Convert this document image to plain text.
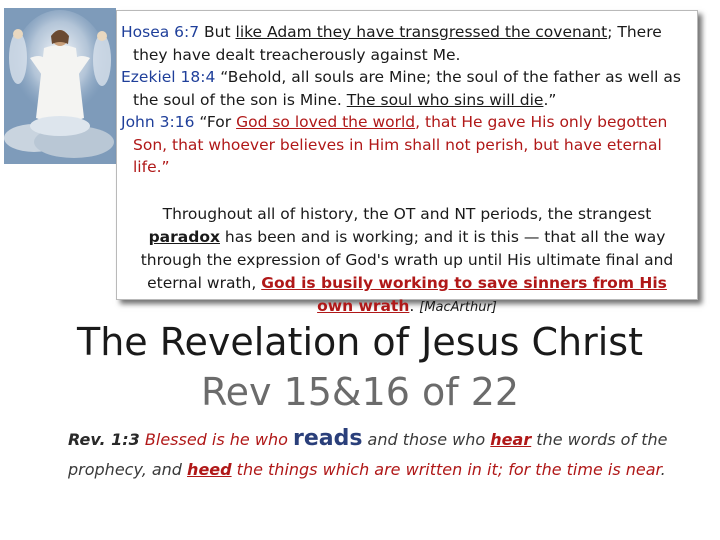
Hosea 6:7 But like Adam they have transgressed the covenant; There they have dealt treacherously against Me.

Ezekiel 18:4 “Behold, all souls are Mine; the soul of the father as well as the soul of the son is Mine. The soul who sins will die.”

John 3:16 “For God so loved the world, that He gave His only begotten Son, that whoever believes in Him shall not perish, but have eternal life.”

Throughout all of history, the OT and NT periods, the strangest paradox has been and is working; and it is this — that all the way through the expression of God's wrath up until His ultimate final and eternal wrath, God is busily working to save sinners from His own wrath. [MacArthur]
The Revelation of Jesus Christ
Rev 15&16 of 22
Rev. 1:3 Blessed is he who reads and those who hear the words of the prophecy, and heed the things which are written in it; for the time is near.
